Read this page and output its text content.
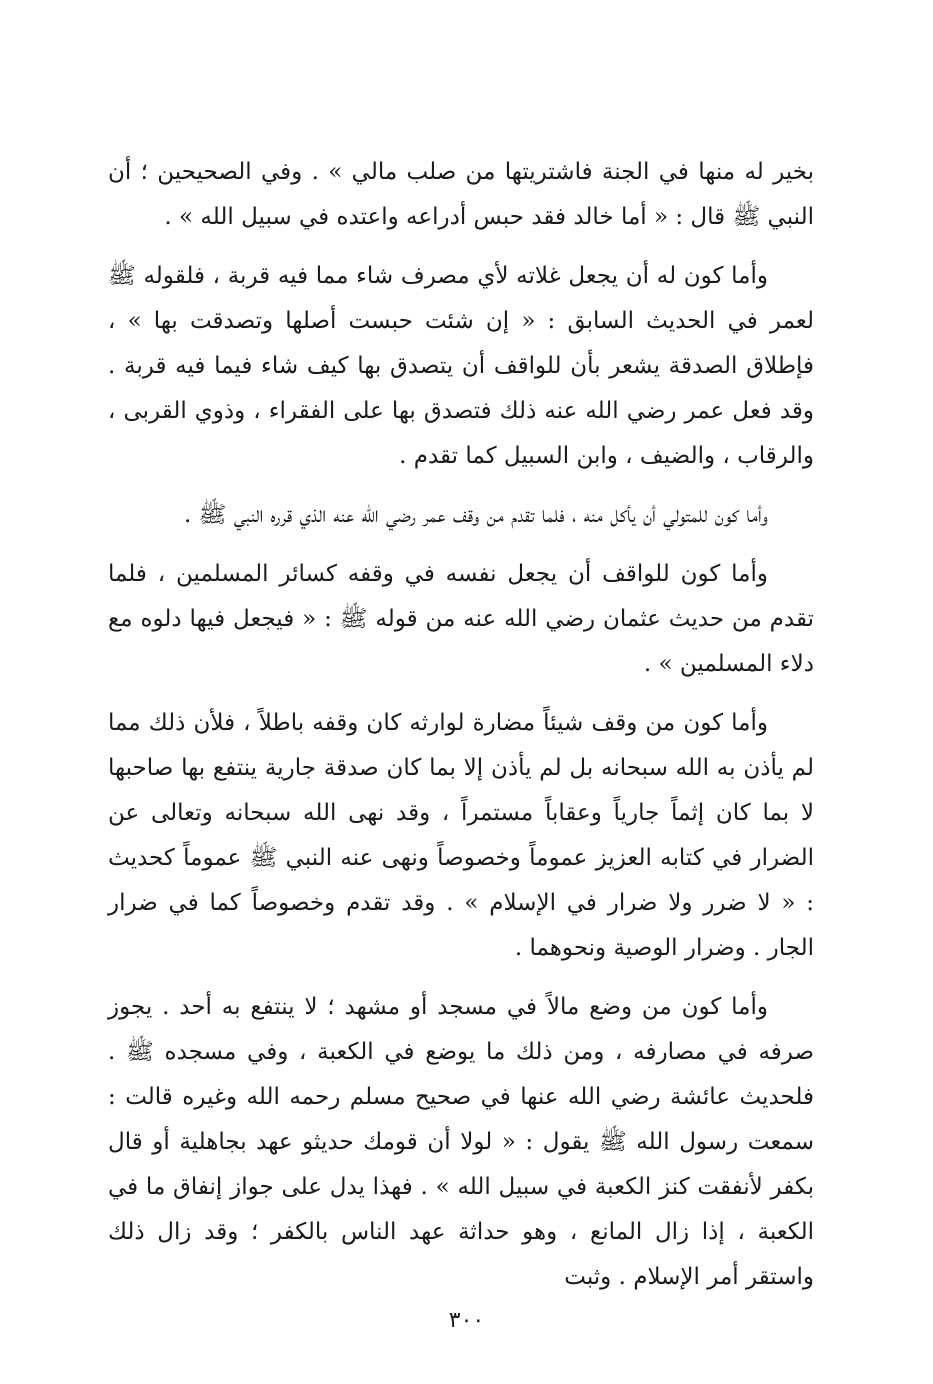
بخير له منها في الجنة فاشتريتها من صلب مالي » . وفي الصحيحين ؛ أن النبي ﷺ قال : « أما خالد فقد حبس أدراعه واعتده في سبيل الله » .

وأما كون له أن يجعل غلاته لأي مصرف شاء مما فيه قربة ، فلقوله ﷺ لعمر في الحديث السابق : « إن شئت حبست أصلها وتصدقت بها » ، فإطلاق الصدقة يشعر بأن للواقف أن يتصدق بها كيف شاء فيما فيه قربة . وقد فعل عمر رضي الله عنه ذلك فتصدق بها على الفقراء ، وذوي القربى ، والرقاب ، والضيف ، وابن السبيل كما تقدم .

وأما كون للمتولي أن يأكل منه ، فلما تقدم من وقف عمر رضي الله عنه الذي قرره النبي ﷺ .

وأما كون للواقف أن يجعل نفسه في وقفه كسائر المسلمين ، فلما تقدم من حديث عثمان رضي الله عنه من قوله ﷺ : « فيجعل فيها دلوه مع دلاء المسلمين » .

وأما كون من وقف شيئاً مضارة لوارثه كان وقفه باطلاً ، فلأن ذلك مما لم يأذن به الله سبحانه بل لم يأذن إلا بما كان صدقة جارية ينتفع بها صاحبها لا بما كان إثماً جارياً وعقاباً مستمراً ، وقد نهى الله سبحانه وتعالى عن الضرار في كتابه العزيز عموماً وخصوصاً ونهى عنه النبي ﷺ عموماً كحديث : « لا ضرر ولا ضرار في الإسلام » . وقد تقدم وخصوصاً كما في ضرار الجار . وضرار الوصية ونحوهما .

وأما كون من وضع مالاً في مسجد أو مشهد ؛ لا ينتفع به أحد . يجوز صرفه في مصارفه ، ومن ذلك ما يوضع في الكعبة ، وفي مسجده ﷺ . فلحديث عائشة رضي الله عنها في صحيح مسلم رحمه الله وغيره قالت : سمعت رسول الله ﷺ يقول : « لولا أن قومك حديثو عهد بجاهلية أو قال بكفر لأنفقت كنز الكعبة في سبيل الله » . فهذا يدل على جواز إنفاق ما في الكعبة ، إذا زال المانع ، وهو حداثة عهد الناس بالكفر ؛ وقد زال ذلك واستقر أمر الإسلام . وثبت

٣٠٠
